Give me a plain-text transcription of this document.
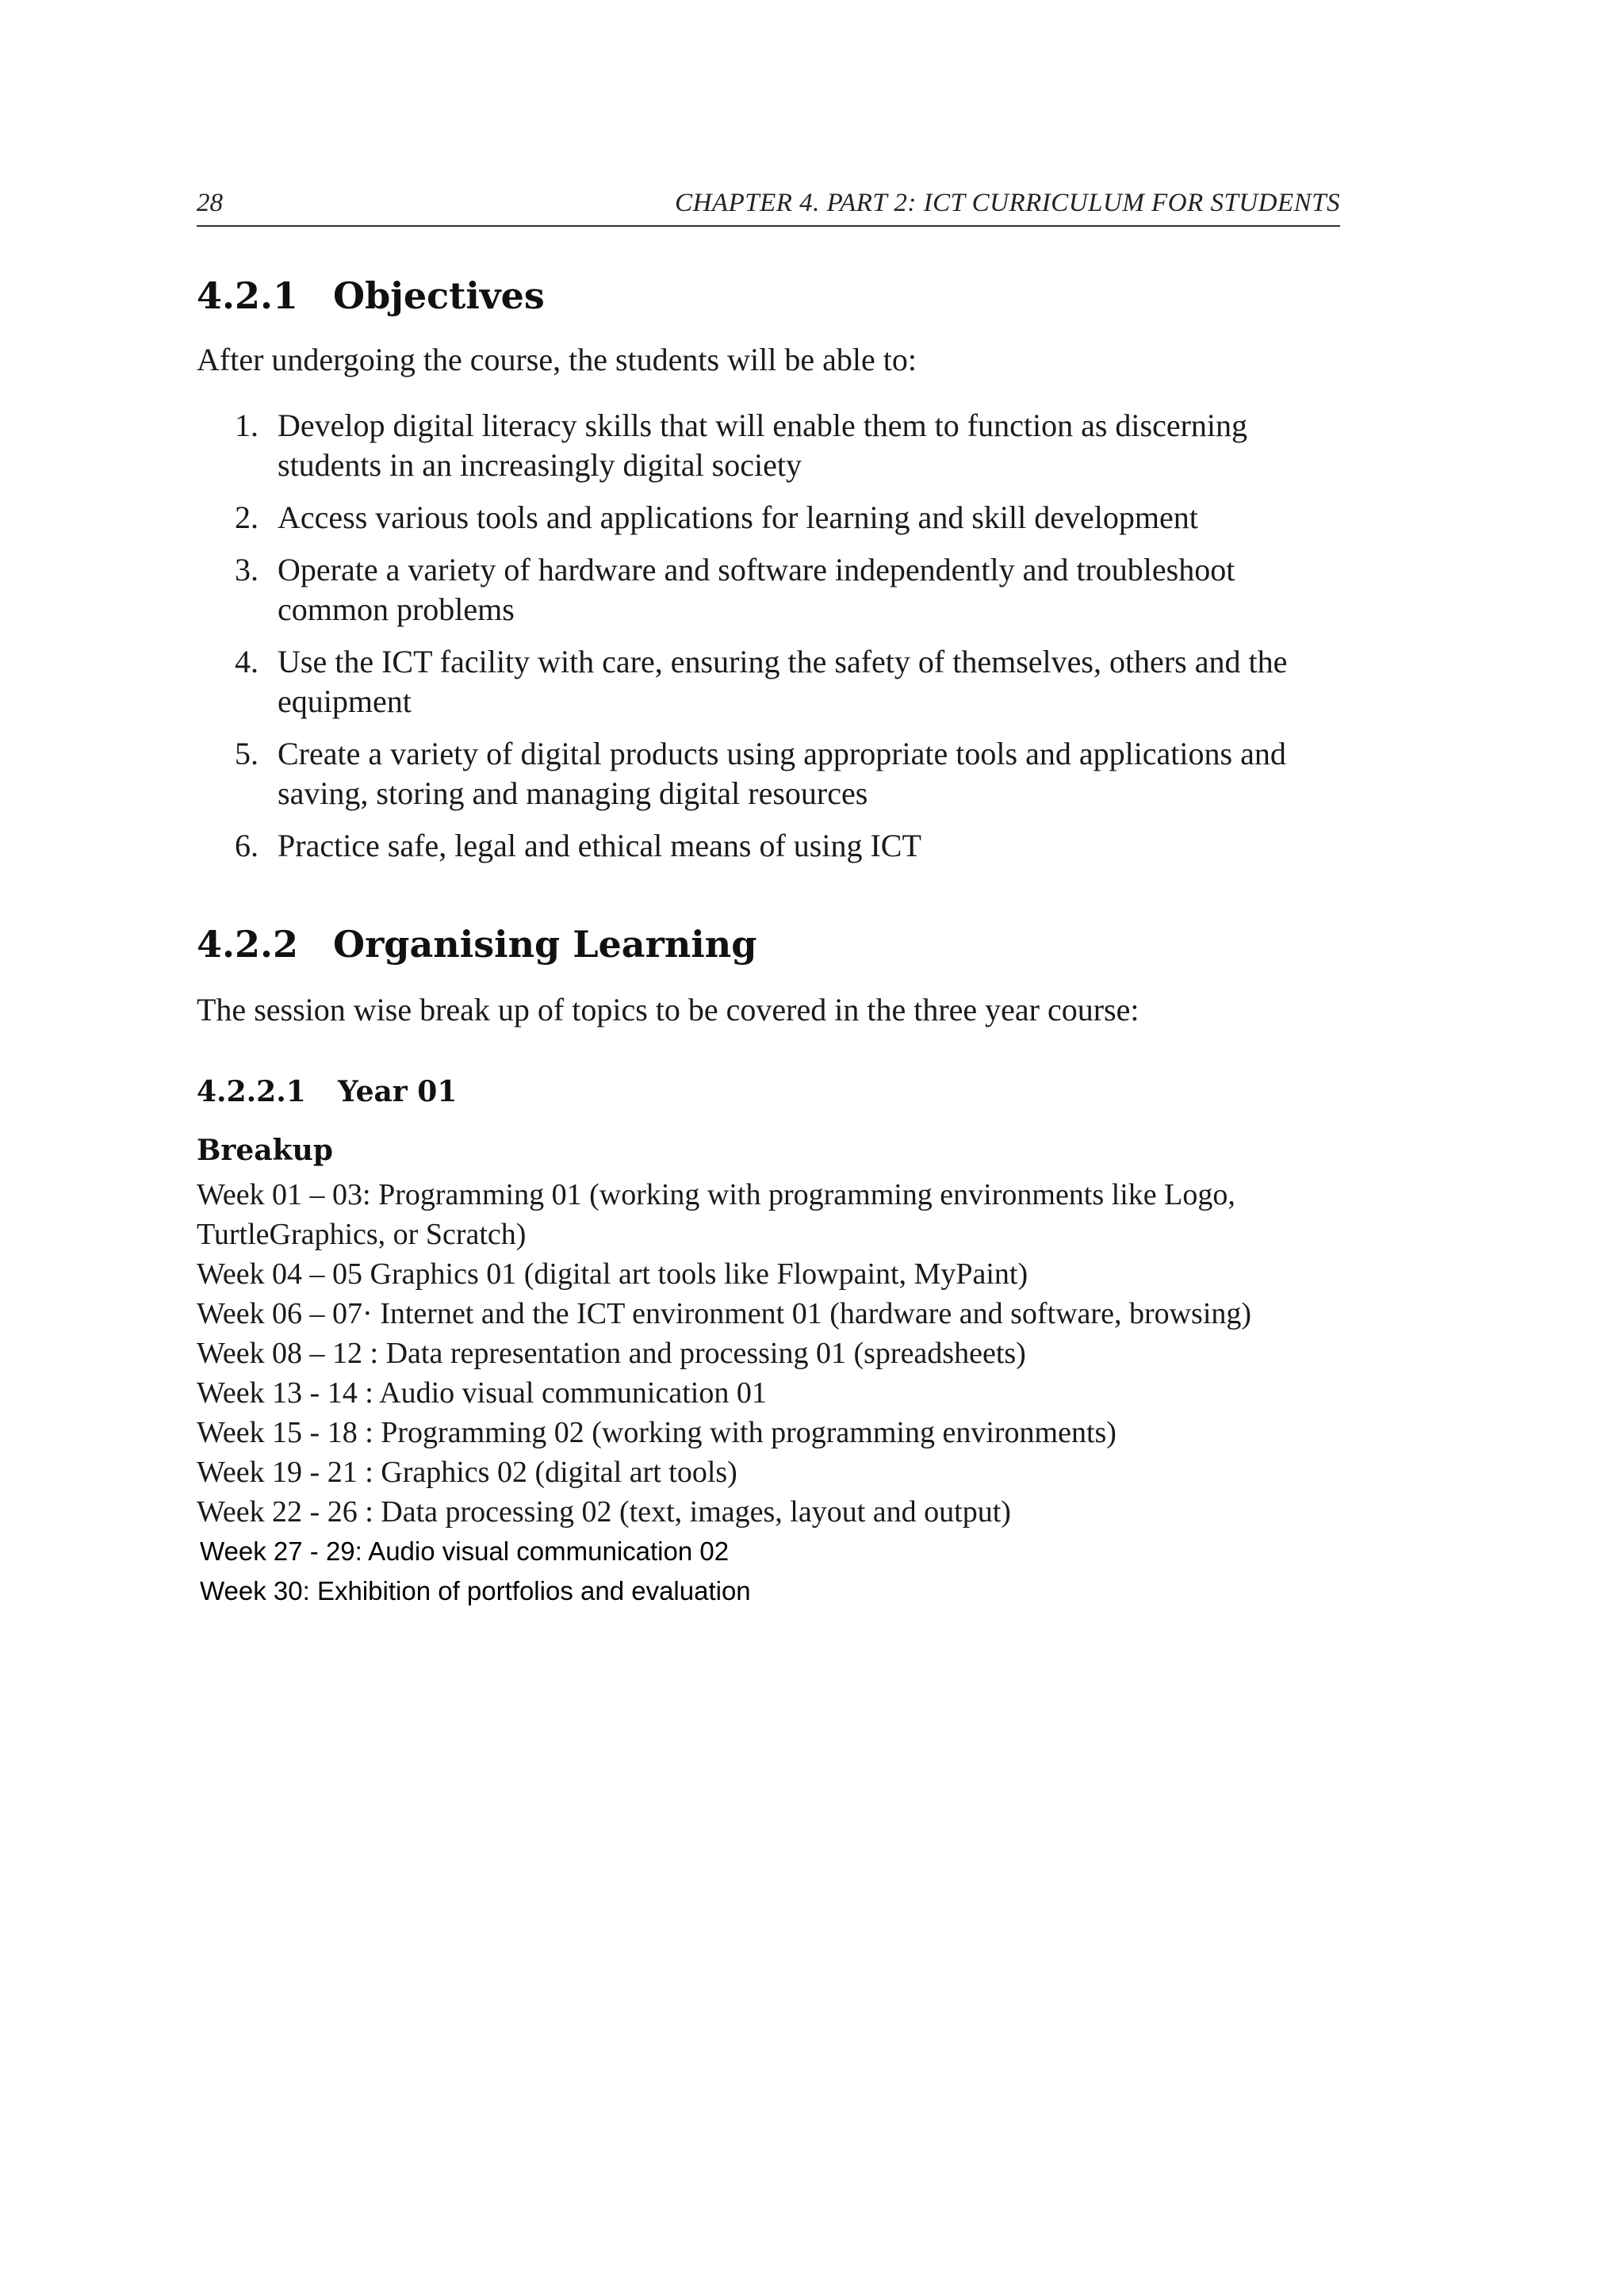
28	CHAPTER 4. PART 2: ICT CURRICULUM FOR STUDENTS
4.2.1 Objectives
After undergoing the course, the students will be able to:
1. Develop digital literacy skills that will enable them to function as discerning students in an increasingly digital society
2. Access various tools and applications for learning and skill development
3. Operate a variety of hardware and software independently and troubleshoot common problems
4. Use the ICT facility with care, ensuring the safety of themselves, others and the equipment
5. Create a variety of digital products using appropriate tools and applications and saving, storing and managing digital resources
6. Practice safe, legal and ethical means of using ICT
4.2.2 Organising Learning
The session wise break up of topics to be covered in the three year course:
4.2.2.1 Year 01
Breakup
Week 01 – 03: Programming 01 (working with programming environments like Logo,
TurtleGraphics, or Scratch)
Week 04 – 05 Graphics 01 (digital art tools like Flowpaint, MyPaint)
Week 06 – 07· Internet and the ICT environment 01 (hardware and software, browsing)
Week 08 – 12 : Data representation and processing 01 (spreadsheets)
Week 13 - 14 : Audio visual communication 01
Week 15 - 18 : Programming 02 (working with programming environments)
Week 19 - 21 : Graphics 02 (digital art tools)
Week 22 - 26 : Data processing 02 (text, images, layout and output)
Week 27 - 29: Audio visual communication 02
Week 30: Exhibition of portfolios and evaluation
